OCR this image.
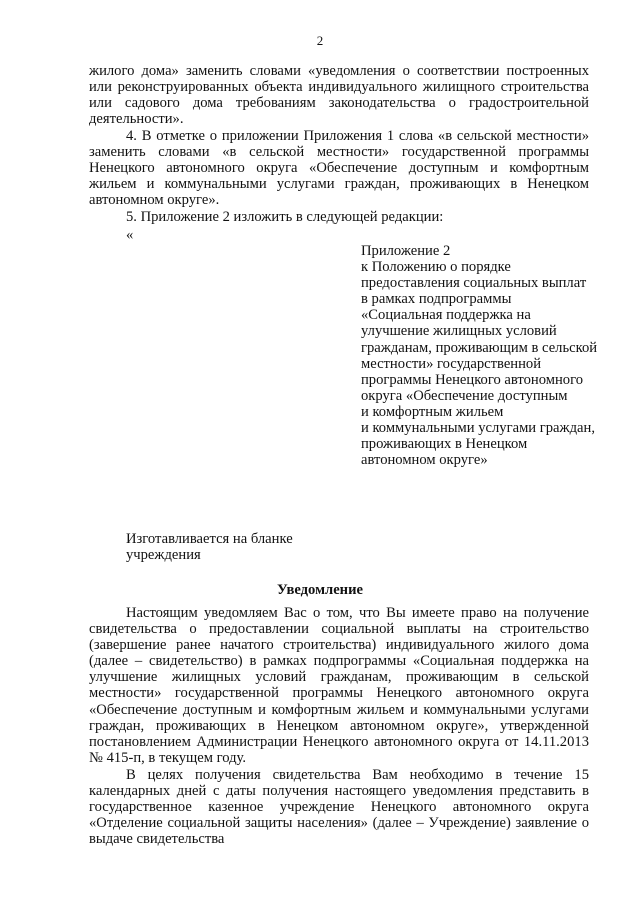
2

жилого дома» заменить словами «уведомления о соответствии построенных или реконструированных объекта индивидуального жилищного строительства или садового дома требованиям законодательства о градостроительной деятельности».

4. В отметке о приложении Приложения 1 слова «в сельской местности» заменить словами «в сельской местности» государственной программы Ненецкого автономного округа «Обеспечение доступным и комфортным жильем и коммунальными услугами граждан, проживающих в Ненецком автономном округе».

5. Приложение 2 изложить в следующей редакции:

«
Приложение 2
к Положению о порядке
предоставления социальных выплат
в рамках подпрограммы
«Социальная поддержка на
улучшение жилищных условий
гражданам, проживающим в сельской
местности» государственной
программы Ненецкого автономного
округа «Обеспечение доступным
и комфортным жильем
и коммунальными услугами граждан,
проживающих в Ненецком
автономном округе»
Изготавливается на бланке
учреждения
Уведомление

Настоящим уведомляем Вас о том, что Вы имеете право на получение свидетельства о предоставлении социальной выплаты на строительство (завершение ранее начатого строительства) индивидуального жилого дома (далее – свидетельство) в рамках подпрограммы «Социальная поддержка на улучшение жилищных условий гражданам, проживающим в сельской местности» государственной программы Ненецкого автономного округа «Обеспечение доступным и комфортным жильем и коммунальными услугами граждан, проживающих в Ненецком автономном округе», утвержденной постановлением Администрации Ненецкого автономного округа от 14.11.2013 № 415-п, в текущем году.

В целях получения свидетельства Вам необходимо в течение 15 календарных дней с даты получения настоящего уведомления представить в государственное казенное учреждение Ненецкого автономного округа «Отделение социальной защиты населения» (далее – Учреждение) заявление о выдаче свидетельства
